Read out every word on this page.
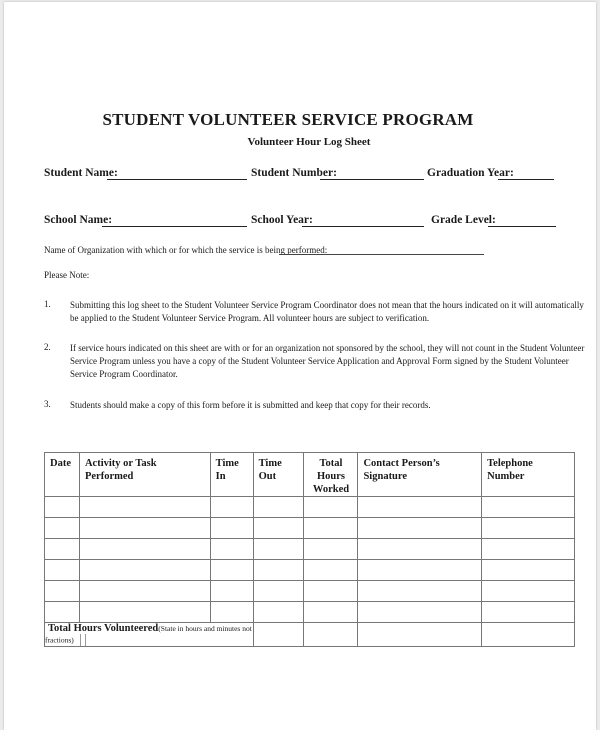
STUDENT VOLUNTEER SERVICE PROGRAM
Volunteer Hour Log Sheet
Student Name:	Student Number:	Graduation Year:
School Name:	School Year:	Grade Level:
Name of Organization with which or for which the service is being performed:
Please Note:
1. Submitting this log sheet to the Student Volunteer Service Program Coordinator does not mean that the hours indicated on it will automatically be applied to the Student Volunteer Service Program. All volunteer hours are subject to verification.
2. If service hours indicated on this sheet are with or for an organization not sponsored by the school, they will not count in the Student Volunteer Service Program unless you have a copy of the Student Volunteer Service Application and Approval Form signed by the Student Volunteer Service Program Coordinator.
3. Students should make a copy of this form before it is submitted and keep that copy for their records.
Date	Activity or Task Performed	Time In	Time Out	Total Hours Worked	Contact Person’s Signature	Telephone Number

Total Hours Volunteered(State in hours and minutes not fractions)						
